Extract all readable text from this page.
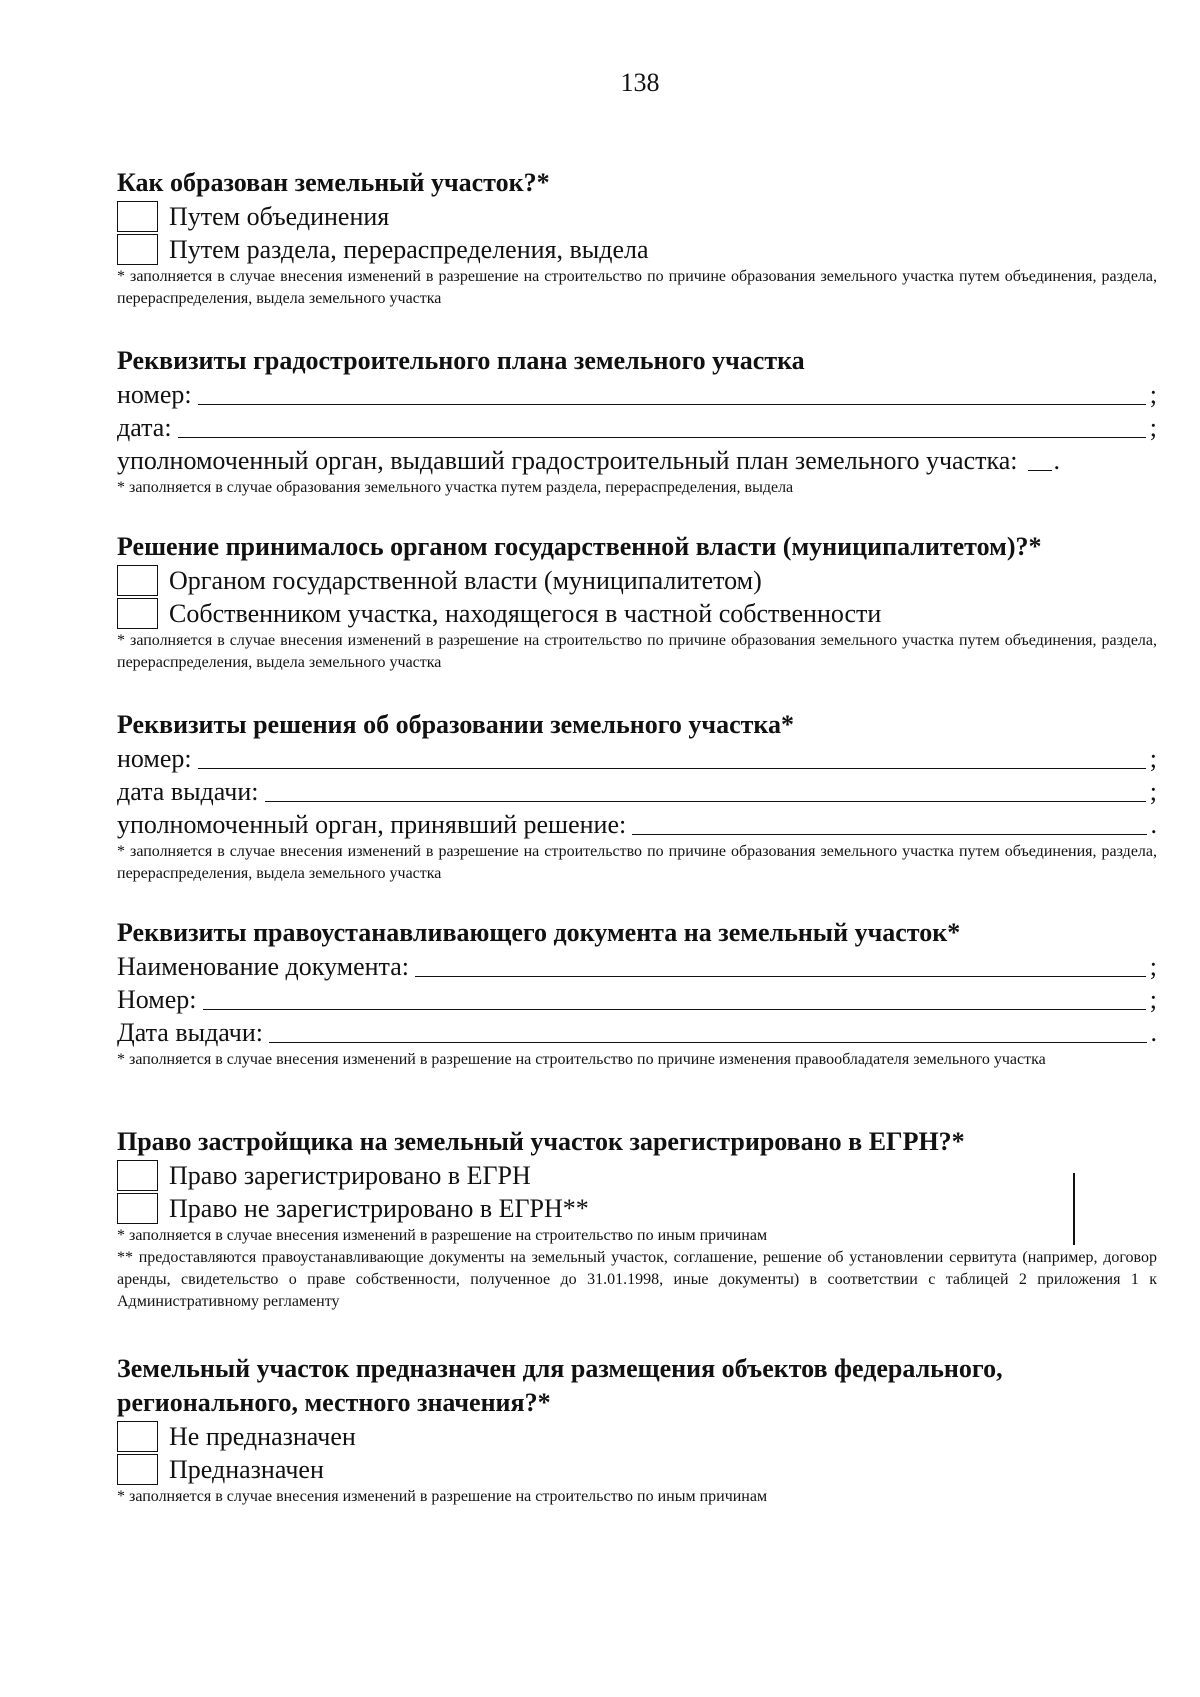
138

Как образован земельный участок?*

Путем объединения
Путем раздела, перераспределения, выдела
* заполняется в случае внесения изменений в разрешение на строительство по причине образования земельного участка путем объединения, раздела, перераспределения, выдела земельного участка

Реквизиты градостроительного плана земельного участка

номер:	;
дата:	;
уполномоченный орган, выдавший градостроительный план земельного участка: .
* заполняется в случае образования земельного участка путем раздела, перераспределения, выдела

Решение принималось органом государственной власти (муниципалитетом)?*

Органом государственной власти (муниципалитетом)
Собственником участка, находящегося в частной собственности
* заполняется в случае внесения изменений в разрешение на строительство по причине образования земельного участка путем объединения, раздела, перераспределения, выдела земельного участка

Реквизиты решения об образовании земельного участка*

номер:	;
дата выдачи:	;
уполномоченный орган, принявший решение:	.
* заполняется в случае внесения изменений в разрешение на строительство по причине образования земельного участка путем объединения, раздела, перераспределения, выдела земельного участка

Реквизиты правоустанавливающего документа на земельный участок*

Наименование документа:	;
Номер:	;
Дата выдачи:	.
* заполняется в случае внесения изменений в разрешение на строительство по причине изменения правообладателя земельного участка

Право застройщика на земельный участок зарегистрировано в ЕГРН?*

Право зарегистрировано в ЕГРН
Право не зарегистрировано в ЕГРН**
* заполняется в случае внесения изменений в разрешение на строительство по иным причинам
** предоставляются правоустанавливающие документы на земельный участок, соглашение, решение об установлении сервитута (например, договор аренды, свидетельство о праве собственности, полученное до 31.01.1998, иные документы) в соответствии с таблицей 2 приложения 1 к Административному регламенту

Земельный участок предназначен для размещения объектов федерального, регионального, местного значения?*

Не предназначен
Предназначен
* заполняется в случае внесения изменений в разрешение на строительство по иным причинам
